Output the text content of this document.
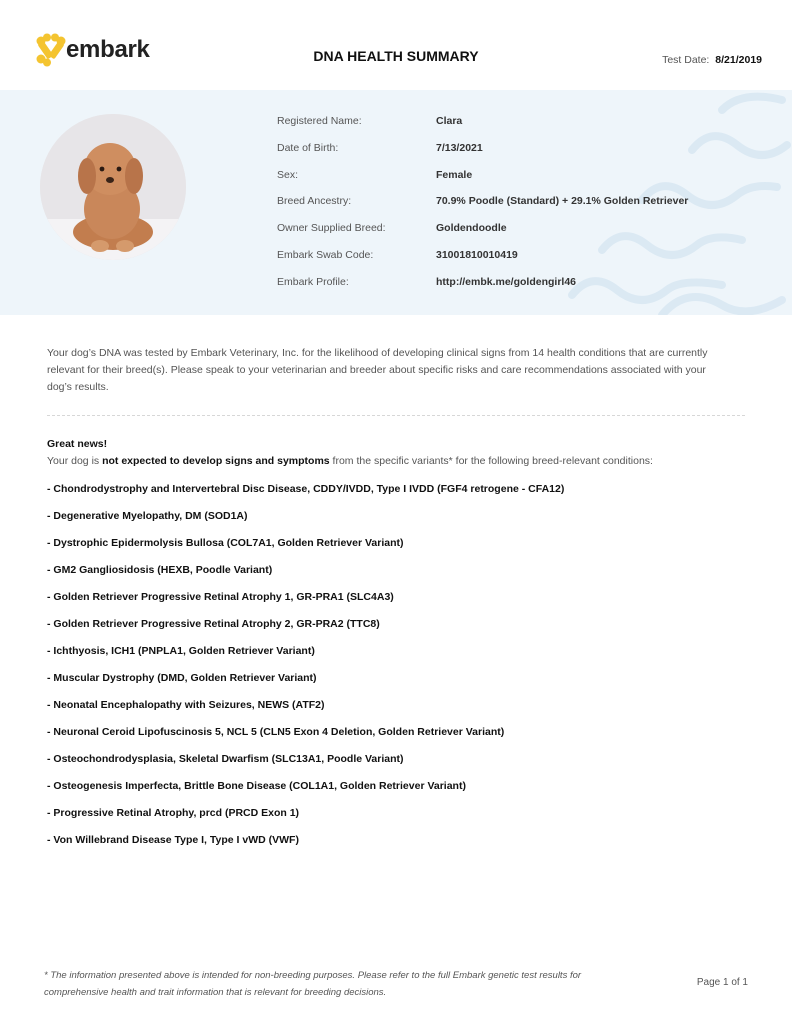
embark	DNA HEALTH SUMMARY	Test Date: 8/21/2019
Registered Name:	Clara
Date of Birth:	7/13/2021
Sex:	Female
Breed Ancestry:	70.9% Poodle (Standard) + 29.1% Golden Retriever
Owner Supplied Breed:	Goldendoodle
Embark Swab Code:	31001810010419
Embark Profile:	http://embk.me/goldengirl46
Your dog’s DNA was tested by Embark Veterinary, Inc. for the likelihood of developing clinical signs from 14 health conditions that are currently relevant for their breed(s). Please speak to your veterinarian and breeder about specific risks and care recommendations associated with your dog’s results.
Great news!
Your dog is not expected to develop signs and symptoms from the specific variants* for the following breed-relevant conditions:
- Chondrodystrophy and Intervertebral Disc Disease, CDDY/IVDD, Type I IVDD (FGF4 retrogene - CFA12)
- Degenerative Myelopathy, DM (SOD1A)
- Dystrophic Epidermolysis Bullosa (COL7A1, Golden Retriever Variant)
- GM2 Gangliosidosis (HEXB, Poodle Variant)
- Golden Retriever Progressive Retinal Atrophy 1, GR-PRA1 (SLC4A3)
- Golden Retriever Progressive Retinal Atrophy 2, GR-PRA2 (TTC8)
- Ichthyosis, ICH1 (PNPLA1, Golden Retriever Variant)
- Muscular Dystrophy (DMD, Golden Retriever Variant)
- Neonatal Encephalopathy with Seizures, NEWS (ATF2)
- Neuronal Ceroid Lipofuscinosis 5, NCL 5 (CLN5 Exon 4 Deletion, Golden Retriever Variant)
- Osteochondrodysplasia, Skeletal Dwarfism (SLC13A1, Poodle Variant)
- Osteogenesis Imperfecta, Brittle Bone Disease (COL1A1, Golden Retriever Variant)
- Progressive Retinal Atrophy, prcd (PRCD Exon 1)
- Von Willebrand Disease Type I, Type I vWD (VWF)
* The information presented above is intended for non-breeding purposes. Please refer to the full Embark genetic test results for comprehensive health and trait information that is relevant for breeding decisions.
Page 1 of 1
